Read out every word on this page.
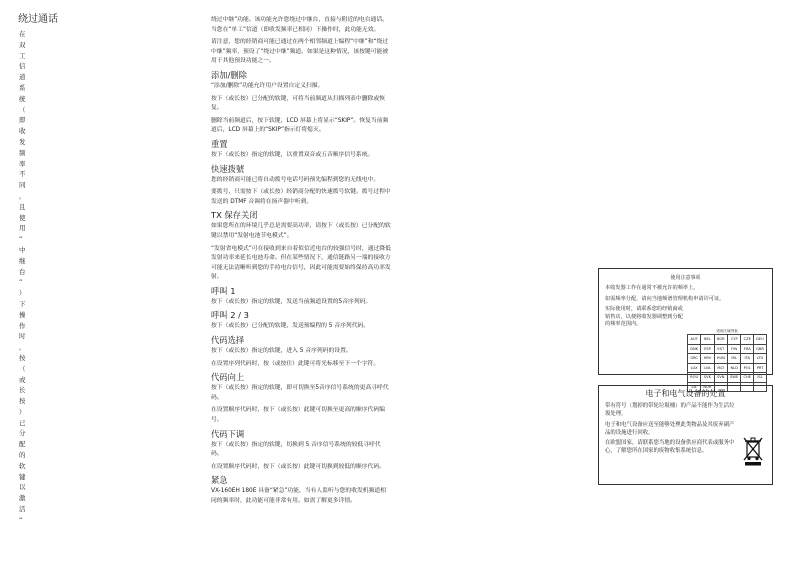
绕过通话
在
双
工
信
道
系
统
（
即
收
发
频
率
不
同
，
且
使
用
“
中
继
台
”
）
下
操
作
时
，
按
（
或
长
按
）
已
分
配
的
软
键
以
激
活
“
绕过中继”功能。该功能允许您绕过中继台，直接与附近的电台通话。当您在“单工”信道（即收发频率已相同）下操作时，此功能无效。
请注意，您的经销商可能已通过在两个相邻频道上编程“中继”和“绕过中继”频率，预设了“绕过中继”频道。如果是这种情况，该按键可能被用于其他预设功能之一。
添加/删除
“添加/删除”功能允许用户设置自定义扫描。
按下（或长按）已分配的软键，可将当前频道从扫描列表中删除或恢复。
删除当前频道后，按下软键，LCD 屏幕上将显示“SKIP”。恢复当前频道后，LCD 屏幕上的“SKIP”指示灯将熄灭。
重置
按下（或长按）指定的软键，以重置双音或五音顺序信号系统。
快速拨號
您的经销商可能已将自动拨号电话号码预先编程到您的无线电中。
要拨号，只需按下（或长按）经销商分配的快速拨号软键。拨号过程中发送的 DTMF 音调将在扬声器中听到。
TX 保存关闭
如果您所在的环境几乎总是需要高功率，请按下（或长按）已分配的软键以禁用“发射电池节电模式”。
“发射省电模式”可在接收到来自着似信近电台的较强信号时，通过降低发射功率来延长电池寿命。但在某些情况下，通信链路另一端的接收方可能无法清晰听到您的手持电台信号，因此可能需要始终保持高功率发射。
呼叫 1
按下（或长按）指定的软键，发送当前频道设置的5音序列码。
呼叫 2 / 3
按下（或长按）已分配的软键，发送预编程的 5 音序列代码。
代码选择
按下（或长按）指定的软键，进入 5 音序列码的设置。
在设置序列代码时，按（或按住）此键可将光标移至下一个字符。
代码向上
按下（或长按）指定的软键，即可切换至5音序信号系统的更高寻呼代码。
在设置顺序代码时，按下（或长按）此键可切换至更高的顺序代码编号。
代码下调
按下（或长按）指定的软键，切换到 5 音序信号系统的较低寻呼代码。
在设置顺序代码时，按下（或长按）此键可切换到较低的顺序代码。
紧急
VX-160EH 180E 具备“紧急”功能，当有人监听与您的收发机频道相同的频率时，此功能可能非常有用。如需了解更多详情。
使用注意事项

本收发器工作在通常不被允许的频率上。

如需频率分配，请向当地频谱管理机构申请许可证。

实际使用时，请联系您的经销商或销售店，以便将收发器调整到分配的频率范围内。

适用区域列表
AUT	BEL	BGR	CYP	CZE	DEU
DNK	ESP	EST	FIN	FRA	GBR
GRC	HRV	HUN	IRL	ITA	LTU
LUX	LVA	MLT	NLD	POL	PRT
ROU	SVK	SVN	SWE	CHE	ISL
LIE	NOR				
电子和电气设备的处置

带有符号（划掉的带轮垃圾桶）的产品不能作为生活垃圾处理。

电子和电气设备应送至能够处理此类物品及其废弃副产品的设施进行回收。

在欧盟国家，请联系您当地的设备供应商代表或服务中心，了解您所在国家的废物收集系统信息。
